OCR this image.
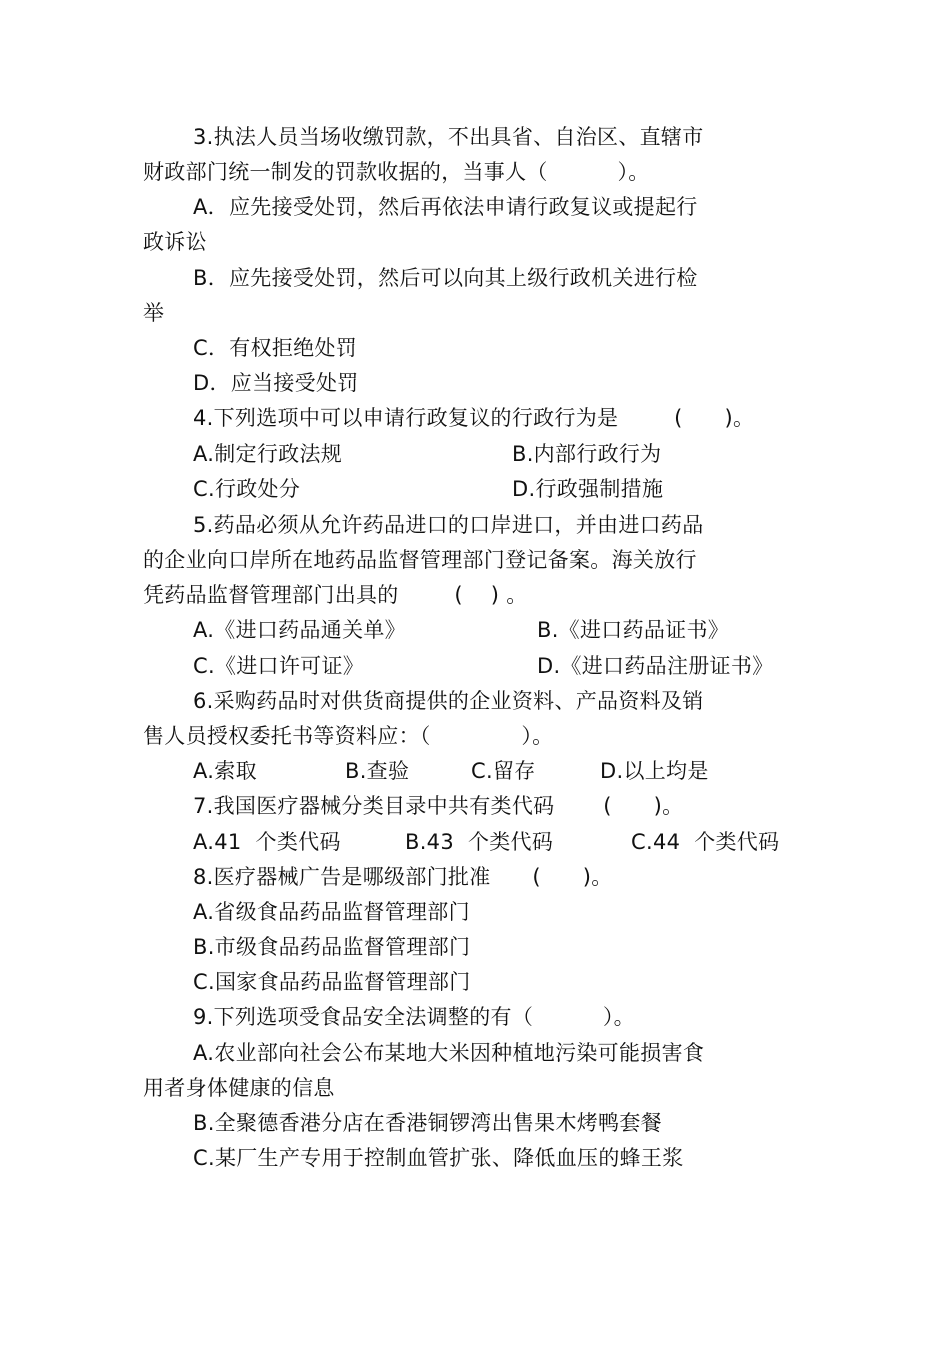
3.执法人员当场收缴罚款，不出具省、自治区、直辖市
财政部门统一制发的罚款收据的，当事人（          ）。
A．应先接受处罚，然后再依法申请行政复议或提起行
政诉讼
B．应先接受处罚，然后可以向其上级行政机关进行检
举
C．有权拒绝处罚
D．应当接受处罚
4.下列选项中可以申请行政复议的行政行为是        (      )。
A.制定行政法规	B.内部行政行为
C.行政处分	D.行政强制措施
5.药品必须从允许药品进口的口岸进口，并由进口药品
的企业向口岸所在地药品监督管理部门登记备案。海关放行
凭药品监督管理部门出具的        (    ) 。
A.《进口药品通关单》	B.《进口药品证书》
C.《进口许可证》	D.《进口药品注册证书》
6.采购药品时对供货商提供的企业资料、产品资料及销
售人员授权委托书等资料应：（             ）。
A.索取	B.查验	C.留存	D.以上均是
7.我国医疗器械分类目录中共有类代码       (      )。
A.41  个类代码	B.43  个类代码	C.44  个类代码
8.医疗器械广告是哪级部门批准      (      )。
A.省级食品药品监督管理部门
B.市级食品药品监督管理部门
C.国家食品药品监督管理部门
9.下列选项受食品安全法调整的有（          ）。
A.农业部向社会公布某地大米因种植地污染可能损害食
用者身体健康的信息
B.全聚德香港分店在香港铜锣湾出售果木烤鸭套餐
C.某厂生产专用于控制血管扩张、降低血压的蜂王浆
